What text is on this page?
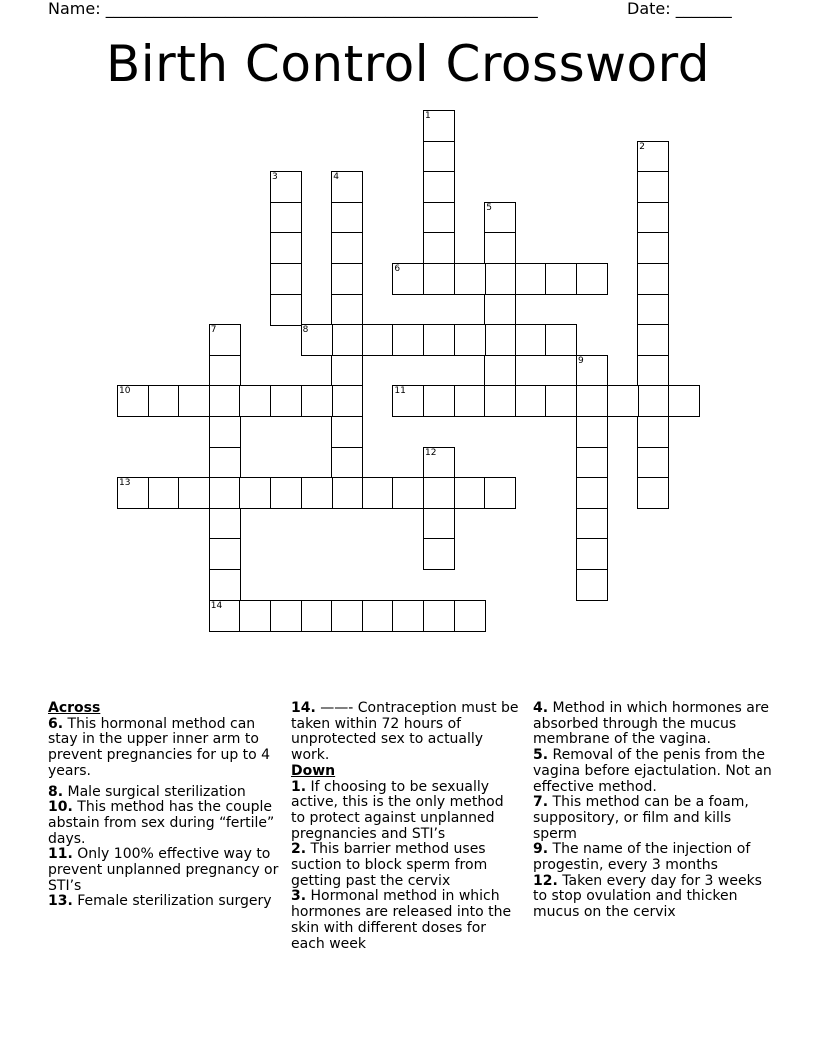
Name: ______________________________________________________	Date: _______
Birth Control Crossword
1
2
3	4
5
6
7
14
8
9
10	11
12
13
Across
6. This hormonal method can stay in the upper inner arm to prevent pregnancies for up to 4 years.
8. Male surgical sterilization
10. This method has the couple abstain from sex during “fertile” days.
11. Only 100% effective way to prevent unplanned pregnancy or STI’s
13. Female sterilization surgery
14. ——- Contraception must be taken within 72 hours of unprotected sex to actually work.
Down
1. If choosing to be sexually active, this is the only method to protect against unplanned pregnancies and STI’s
2. This barrier method uses suction to block sperm from getting past the cervix
3. Hormonal method in which hormones are released into the skin with different doses for each week
4. Method in which hormones are absorbed through the mucus membrane of the vagina.
5. Removal of the penis from the vagina before ejactulation. Not an effective method.
7. This method can be a foam, suppository, or film and kills sperm
9. The name of the injection of progestin, every 3 months
12. Taken every day for 3 weeks to stop ovulation and thicken mucus on the cervix
